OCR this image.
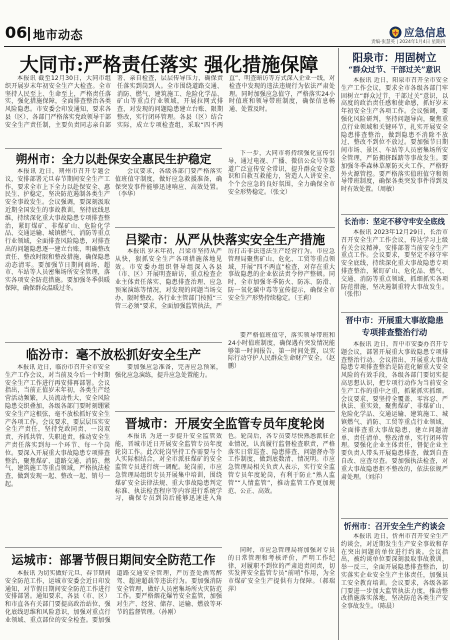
06 地市动态	应急信息
责编·张慧英 | 2024年1月4日 星期四
大同市:严格责任落实 强化措施保障

本报讯 截至12月30日，大同市组织开展岁末年初安全生产大检查。全市坚持人民至上、生命至上，严格责任落实，强化措施保障，全面排查整治各类风险隐患。市安委会印发通知，要求各县（区）、各部门严格落实党政领导干部安全生产责任制，主要负责同志亲自部署、亲自检查，层层传导压力，确保责任落实到岗到人。全市围绕道路交通、消防、燃气、建筑施工、危险化学品、矿山等重点行业领域，开展拉网式排查，对发现的问题隐患建立台账、限期整改，实行闭环管理。各县（区）结合实际，成立专项检查组，采取“四不两直”、明查暗访等方式深入企业一线，对检查中发现的违法违规行为依法严肃处理。同时加强应急值守，严格落实24小时值班和领导带班制度，确保信息畅通、处置及时。

下一步，大同市将持续强化宣传引导，通过电视、广播、微信公众号等渠道广泛宣传安全常识，提升群众安全意识和自救互救能力，营造人人讲安全、个个会应急的良好氛围，全力确保全市安全形势稳定。（张文）

朔州市：全力以赴保安全惠民生护稳定

本报讯 近日，朔州市召开专题会议，安排部署元旦春节期间安全生产工作，要求全市上下全力以赴保安全、惠民生、护稳定，坚决防范遏制各类生产安全事故发生。会议强调，要深刻汲取近期全国发生的事故教训，坚持底线思维，持续深化重大事故隐患专项排查整治，紧盯煤矿、非煤矿山、危险化学品、交通运输、城镇燃气、消防等重点行业领域，全面排查风险隐患，对排查出的问题隐患逐一建立台账，明确整改责任、整改时限和整改措施，确保隐患动态清零。要加强节日期间商场、超市、车站等人员密集场所安全管理，落实各项安全防范措施。要加强冬季供暖保障，确保群众温暖过冬。

会议要求，各级各部门要严格落实值班值守制度，做好应急救援准备，确保突发事件能够迅速响应、高效处置。（李华）

吕梁市：从严从快落实安全生产措施

本报讯 岁末年初，吕梁市坚持从严从快，狠抓安全生产各项措施落地见效。市安委办组织督导组深入各县（市、区）开展明查暗访，重点检查企业主体责任落实、隐患排查治理、应急预案演练等情况，对发现的问题当场交办、限时整改。各行业主管部门按照“三管三必须”要求，全面加强监管执法，严厉打击非法违法生产经营行为。市应急管理局聚焦矿山、危化、工贸等重点领域，开展“四不两直”检查，对存在重大事故隐患的企业依法责令停产整顿。同时，全市加强冬季防火、防冻、防滑、防一氧化碳中毒等宣传提示，确保全市安全生产形势持续稳定。（王莉）

临汾市：毫不放松抓好安全生产

本报讯 近日，临汾市召开全市安全生产工作会议，对当前及今后一个时期安全生产工作进行再安排再部署。会议指出，当前正值岁末年初，各类生产经营活动频繁，人员流动性大，安全风险隐患交织叠加，各级各部门要时刻绷紧安全生产这根弦，毫不放松抓好安全生产各项工作。会议要求，要层层压实安全生产责任，坚持党政同责、一岗双责、齐抓共管、失职追责，推动安全生产责任落实到每一个环节、每一个岗位。要深入开展重大事故隐患专项排查整治，聚焦煤矿、道路交通、消防、燃气、建筑施工等重点领域，严格执法检查，做到发现一起、整改一起、销号一起。

要加强应急准备，完善应急预案，强化应急演练，提升应急处置能力。

要严格值班值守，落实领导带班和24小时值班制度，确保遇有突发情况能够第一时间报告、第一时间处置，以实际行动守护人民群众生命财产安全。（赵鹏）

晋城市：开展安全监管专员年度轮岗

本报讯 为进一步提升安全监管效能，晋城市近日开展安全监管专员年度轮岗工作。此次轮岗坚持工作需要与个人实际相结合，对全市派驻煤矿的安全监管专员进行统一调配。轮岗前，市应急管理局组织专员开展集中培训，围绕煤矿安全法律法规、重大事故隐患判定标准、执法检查程序等内容进行系统学习，确保专员到岗后能够迅速进入角色。轮岗后，各专员要尽快熟悉派驻企业情况，认真履行监督检查职责，严格落实日常巡查、隐患排查、问题督办等工作制度，做到底数清、情况明。市应急管理局相关负责人表示，实行安全监管专员年度轮岗，有利于防止“熟人监管”“人情监管”，推动监管工作更加规范、公正、高效。

同时，市应急管理局将加强对专员的日常管理和考核评价，严明工作纪律，对履职不到位的严肃追责问责，切实发挥安全监管专员“前哨”作用，为全市煤矿安全生产提供有力保障。（郝瑞萍）

运城市：部署节假日期间安全防范工作

本报讯 为切实做好元旦、春节期间安全防范工作，运城市安委会近日印发通知，对节假日期间安全防范工作进行安排部署。通知要求，各县（市、区）和市直各有关部门要提高政治站位，强化底线思维和风险意识，加强对重点行业领域、重点部位的安全检查。要加强道路交通安全管理，严厉查处酒驾醉驾、超速超载等违法行为。要加强消防安全管理，做好人员密集场所火灾防范工作。要严格烟花爆竹安全监管，加强对生产、经营、储存、运输、燃放等环节的监督管理。（孙刚）

阳泉市：用固树立
“群众过节、干部过关”意识

本报讯 近日，阳泉市召开全市安全生产工作会议，要求全市各级各部门牢固树立“群众过节、干部过关”意识，以高度的政治责任感和使命感，抓好岁末年初安全生产各项工作。会议强调，要强化风险研判，坚持问题导向，聚焦重点行业领域和关键环节，扎实开展安全隐患排查整治，做到隐患不消除不放过、整改不到位不放过。要加强节日期间市场、景区、车站等人员密集场所安全管理，严防拥挤踩踏等事故发生。要加强冬季森林草原防灭火工作，严格野外火源管控。要严格落实值班值守和领导带班制度，确保各类突发事件得到及时有效处置。（周敏）

长治市：坚定不移守牢安全底线

本报讯 2023年12月29日，长治市召开安全生产工作会议，传达学习上级有关会议精神，安排部署当前安全生产重点工作。会议要求，要坚定不移守牢安全底线，持续深化重大事故隐患专项排查整治，紧盯矿山、危化品、燃气、交通、消防等重点领域，抓细抓实各项防范措施，坚决遏制重特大事故发生。（张伟）

晋中市：开展重大事故隐患
专项排查整治行动

本报讯 近日，晋中市安委办召开专题会议，部署开展重大事故隐患专项排查整治行动。会议指出，开展重大事故隐患专项排查整治是防范化解重大安全风险的有效手段，各级各部门要切实提高思想认识，把专项行动作为当前安全生产工作的重中之重，抓紧抓实抓细。会议要求，要坚持全覆盖、零容忍、严执法、重实效，聚焦煤矿、非煤矿山、危险化学品、交通运输、建筑施工、城镇燃气、消防、工贸等重点行业领域，全面排查重大事故隐患，建立问题清单、责任清单、整改清单，实行闭环管理。要强化企业主体责任，督促企业主要负责人带头开展隐患排查，做到自查自改、应查尽查。要加强执法检查，对重大事故隐患拒不整改的，依法依规严肃处理。（刘洋）

忻州市：召开安全生产约谈会

本报讯 近日，忻州市召开安全生产约谈会，对近期发生生产安全事故和存在突出问题的单位进行约谈。会议指出，被约谈单位要深刻汲取事故教训，举一反三，全面开展隐患排查整治，切实落实企业安全生产主体责任，加强员工安全教育培训。会议要求，各级各部门要进一步加大监管执法力度，推动整改措施落实落地，坚决防范各类生产安全事故发生。（陈晨）
